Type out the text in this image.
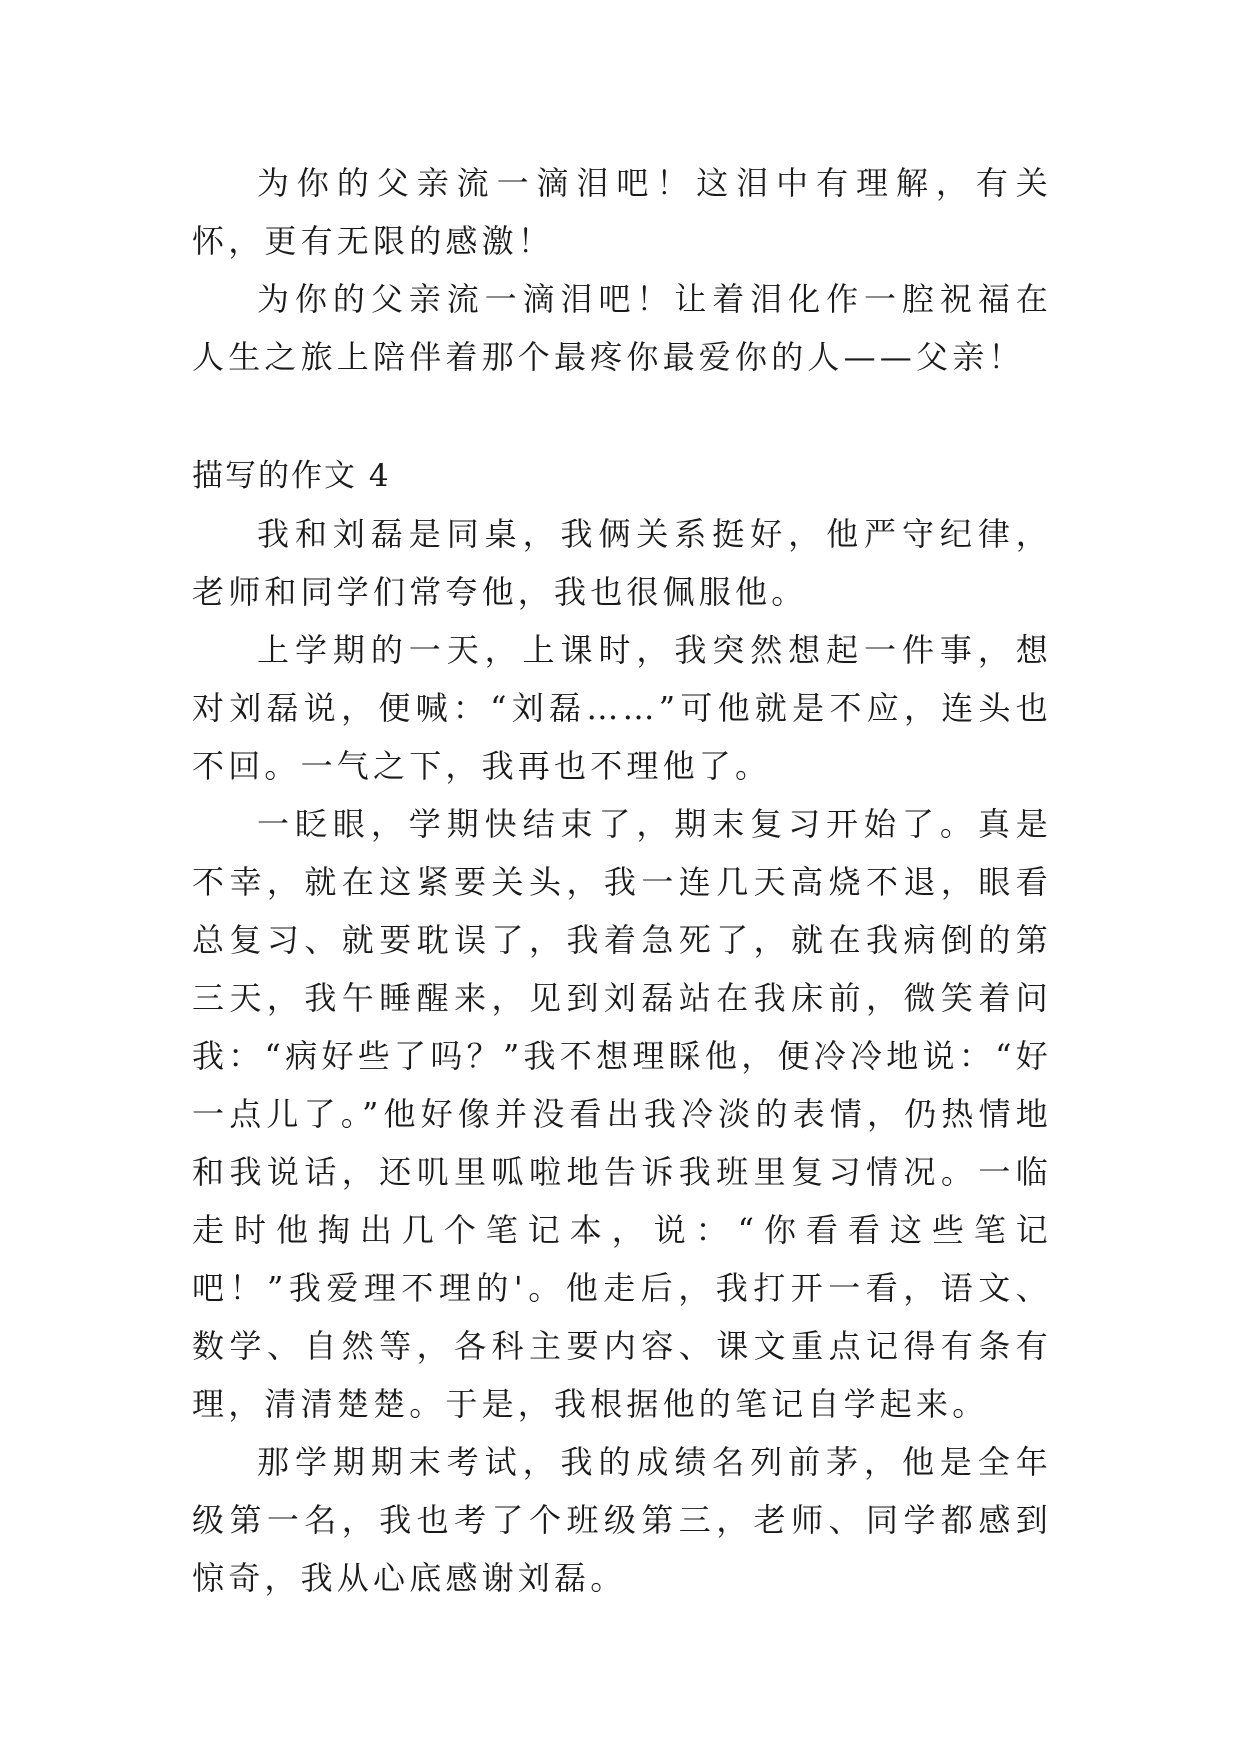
为你的父亲流一滴泪吧！这泪中有理解，有关怀，更有无限的感激！

为你的父亲流一滴泪吧！让着泪化作一腔祝福在人生之旅上陪伴着那个最疼你最爱你的人——父亲！

描写的作文 4

我和刘磊是同桌，我俩关系挺好，他严守纪律，老师和同学们常夸他，我也很佩服他。

上学期的一天，上课时，我突然想起一件事，想对刘磊说，便喊：“刘磊……”可他就是不应，连头也不回。一气之下，我再也不理他了。

一眨眼，学期快结束了，期末复习开始了。真是不幸，就在这紧要关头，我一连几天高烧不退，眼看总复习、就要耽误了，我着急死了，就在我病倒的第三天，我午睡醒来，见到刘磊站在我床前，微笑着问我：“病好些了吗？”我不想理睬他，便冷冷地说：“好一点儿了。”他好像并没看出我冷淡的表情，仍热情地和我说话，还叽里呱啦地告诉我班里复习情况。一临走时他掏出几个笔记本，说：“你看看这些笔记吧！”我爱理不理的'。他走后，我打开一看，语文、数学、自然等，各科主要内容、课文重点记得有条有理，清清楚楚。于是，我根据他的笔记自学起来。

那学期期末考试，我的成绩名列前茅，他是全年级第一名，我也考了个班级第三，老师、同学都感到惊奇，我从心底感谢刘磊。
